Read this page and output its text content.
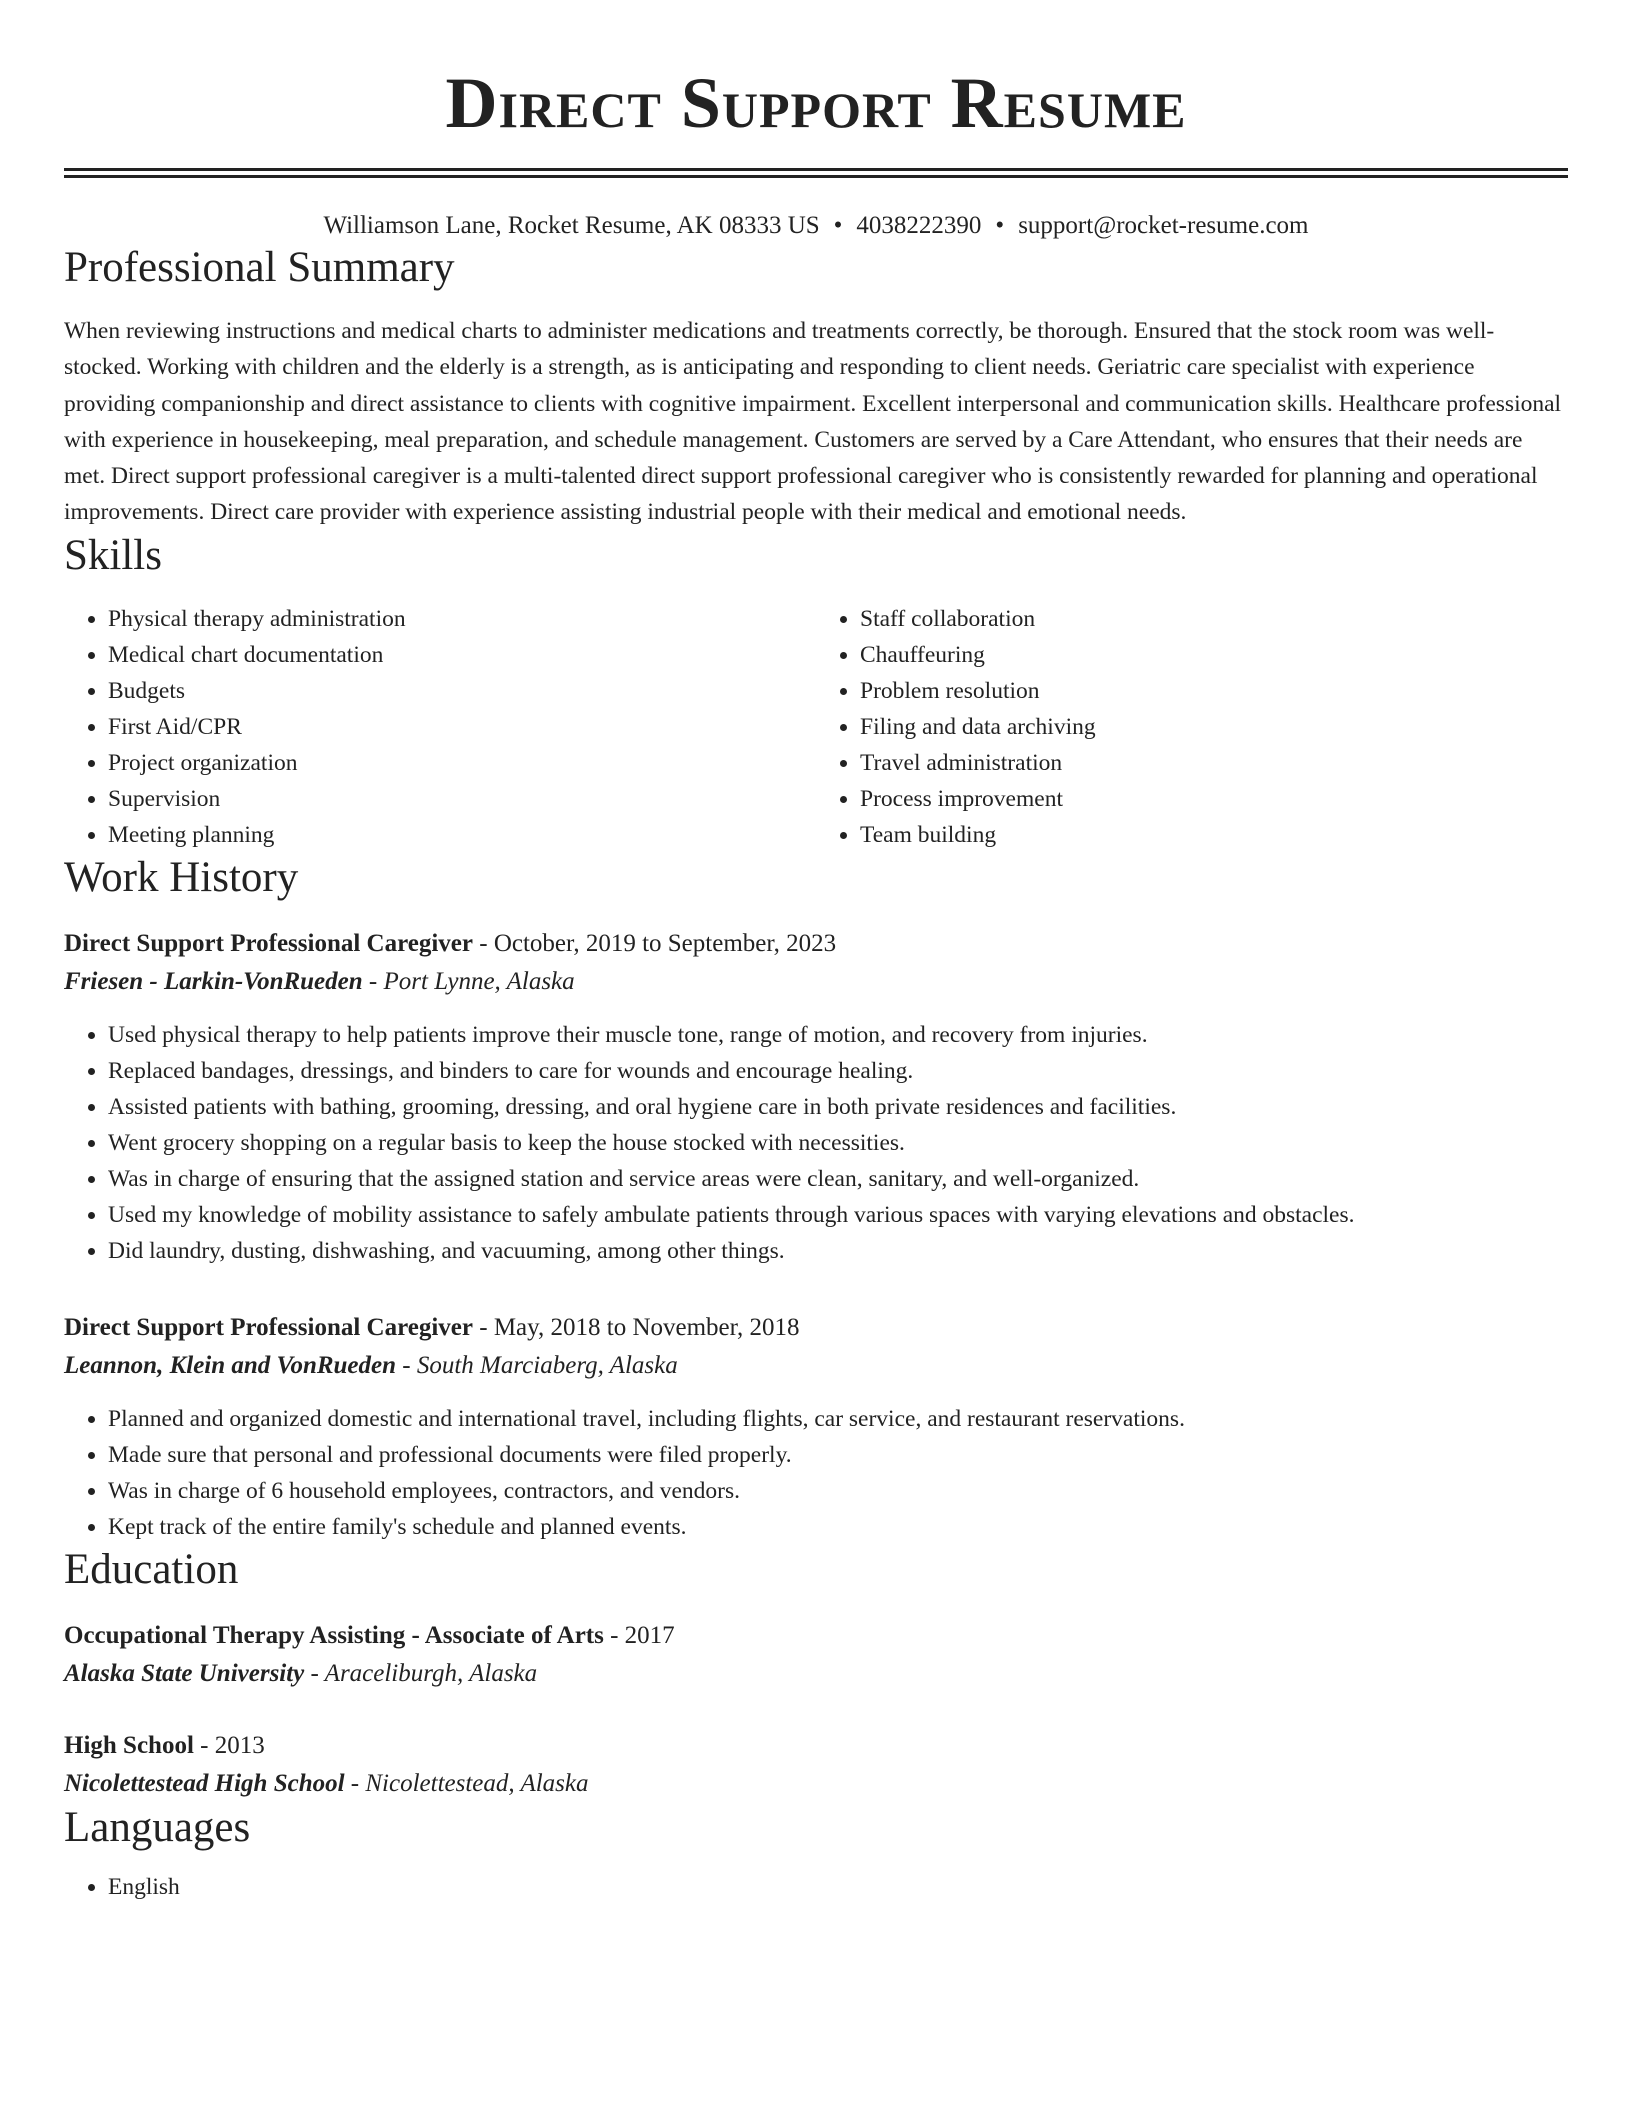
Direct Support Resume
Williamson Lane, Rocket Resume, AK 08333 US • 4038222390 • support@rocket-resume.com
Professional Summary

When reviewing instructions and medical charts to administer medications and treatments correctly, be thorough. Ensured that the stock room was well-stocked. Working with children and the elderly is a strength, as is anticipating and responding to client needs. Geriatric care specialist with experience providing companionship and direct assistance to clients with cognitive impairment. Excellent interpersonal and communication skills. Healthcare professional with experience in housekeeping, meal preparation, and schedule management. Customers are served by a Care Attendant, who ensures that their needs are met. Direct support professional caregiver is a multi-talented direct support professional caregiver who is consistently rewarded for planning and operational improvements. Direct care provider with experience assisting industrial people with their medical and emotional needs.

Skills
• Physical therapy administration
• Medical chart documentation
• Budgets
• First Aid/CPR
• Project organization
• Supervision
• Meeting planning
• Staff collaboration
• Chauffeuring
• Problem resolution
• Filing and data archiving
• Travel administration
• Process improvement
• Team building
Work History
Direct Support Professional Caregiver - October, 2019 to September, 2023
Friesen - Larkin-VonRueden - Port Lynne, Alaska
• Used physical therapy to help patients improve their muscle tone, range of motion, and recovery from injuries.
• Replaced bandages, dressings, and binders to care for wounds and encourage healing.
• Assisted patients with bathing, grooming, dressing, and oral hygiene care in both private residences and facilities.
• Went grocery shopping on a regular basis to keep the house stocked with necessities.
• Was in charge of ensuring that the assigned station and service areas were clean, sanitary, and well-organized.
• Used my knowledge of mobility assistance to safely ambulate patients through various spaces with varying elevations and obstacles.
• Did laundry, dusting, dishwashing, and vacuuming, among other things.
Direct Support Professional Caregiver - May, 2018 to November, 2018
Leannon, Klein and VonRueden - South Marciaberg, Alaska
• Planned and organized domestic and international travel, including flights, car service, and restaurant reservations.
• Made sure that personal and professional documents were filed properly.
• Was in charge of 6 household employees, contractors, and vendors.
• Kept track of the entire family's schedule and planned events.
Education
Occupational Therapy Assisting - Associate of Arts - 2017
Alaska State University - Araceliburgh, Alaska
High School - 2013
Nicolettestead High School - Nicolettestead, Alaska
Languages
• English
